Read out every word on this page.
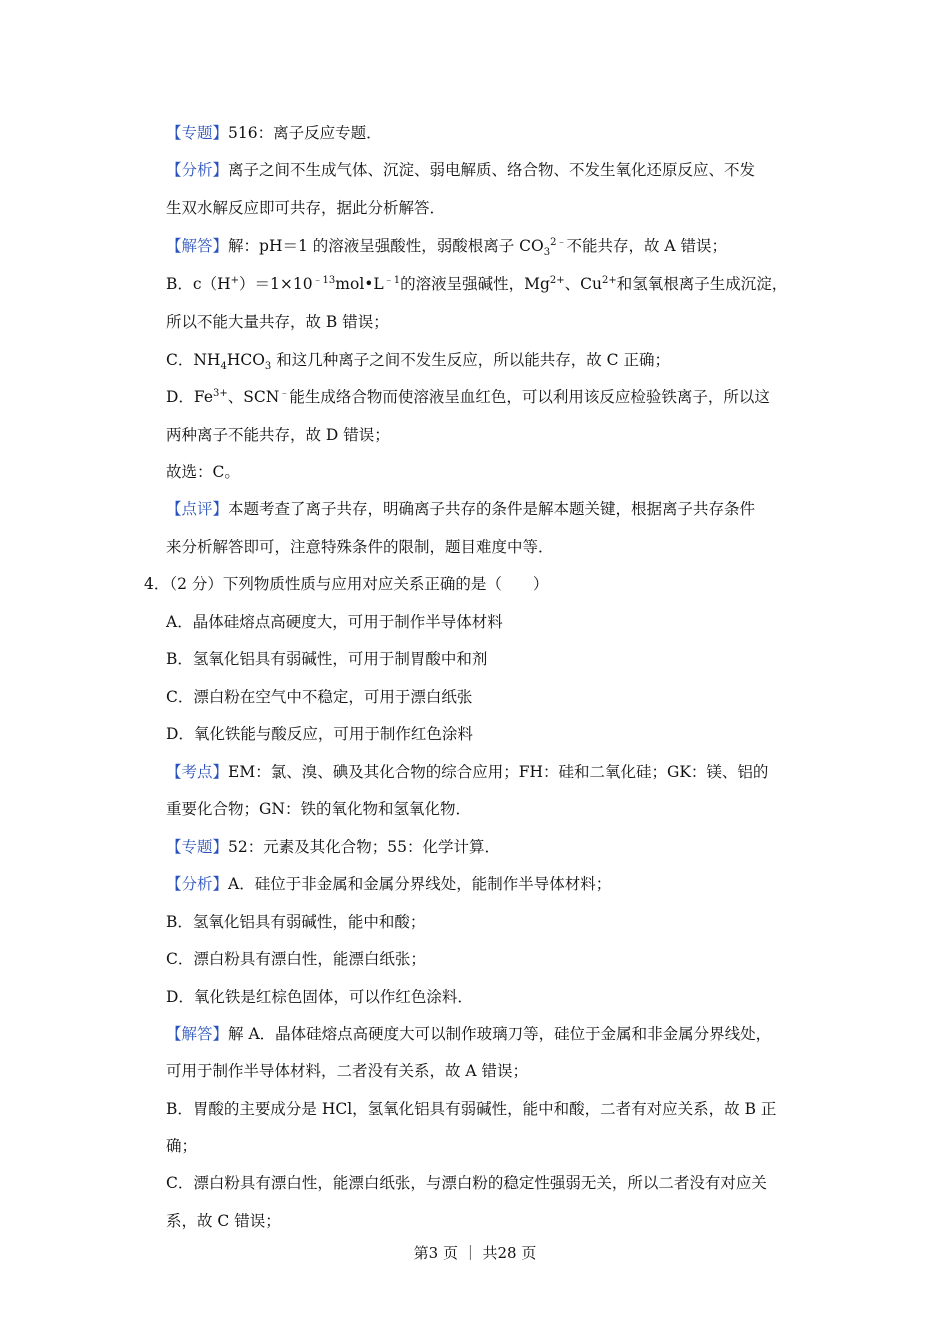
【专题】516：离子反应专题．
【分析】离子之间不生成气体、沉淀、弱电解质、络合物、不发生氧化还原反应、不发
生双水解反应即可共存，据此分析解答．
【解答】解：pH＝1 的溶液呈强酸性，弱酸根离子 $CO_3^{2﹣}$不能共存，故 A 错误；
B．$c(H^+)=1\times 10^{﹣13}mol•L^{﹣1}$的溶液呈强碱性，$Mg^{2+}$、$Cu^{2+}$和氢氧根离子生成沉淀，
所以不能大量共存，故 B 错误；
C．$NH_4HCO_3$ 和这几种离子之间不发生反应，所以能共存，故 C 正确；
D．$Fe^{3+}$、SCN﹣能生成络合物而使溶液呈血红色，可以利用该反应检验铁离子，所以这
两种离子不能共存，故 D 错误；
故选：C。
【点评】本题考查了离子共存，明确离子共存的条件是解本题关键，根据离子共存条件
来分析解答即可，注意特殊条件的限制，题目难度中等．
4．（2 分）下列物质性质与应用对应关系正确的是（　　）
A．晶体硅熔点高硬度大，可用于制作半导体材料
B．氢氧化铝具有弱碱性，可用于制胃酸中和剂
C．漂白粉在空气中不稳定，可用于漂白纸张
D．氧化铁能与酸反应，可用于制作红色涂料
【考点】EM：氯、溴、碘及其化合物的综合应用；FH：硅和二氧化硅；GK：镁、铝的
重要化合物；GN：铁的氧化物和氢氧化物．
【专题】52：元素及其化合物；55：化学计算．
【分析】A．硅位于非金属和金属分界线处，能制作半导体材料；
B．氢氧化铝具有弱碱性，能中和酸；
C．漂白粉具有漂白性，能漂白纸张；
D．氧化铁是红棕色固体，可以作红色涂料．
【解答】解 A．晶体硅熔点高硬度大可以制作玻璃刀等，硅位于金属和非金属分界线处，
可用于制作半导体材料，二者没有关系，故 A 错误；
B．胃酸的主要成分是 HCl，氢氧化铝具有弱碱性，能中和酸，二者有对应关系，故 B 正
确；
C．漂白粉具有漂白性，能漂白纸张，与漂白粉的稳定性强弱无关，所以二者没有对应关
系，故 C 错误；
第3 页 ｜ 共28 页
